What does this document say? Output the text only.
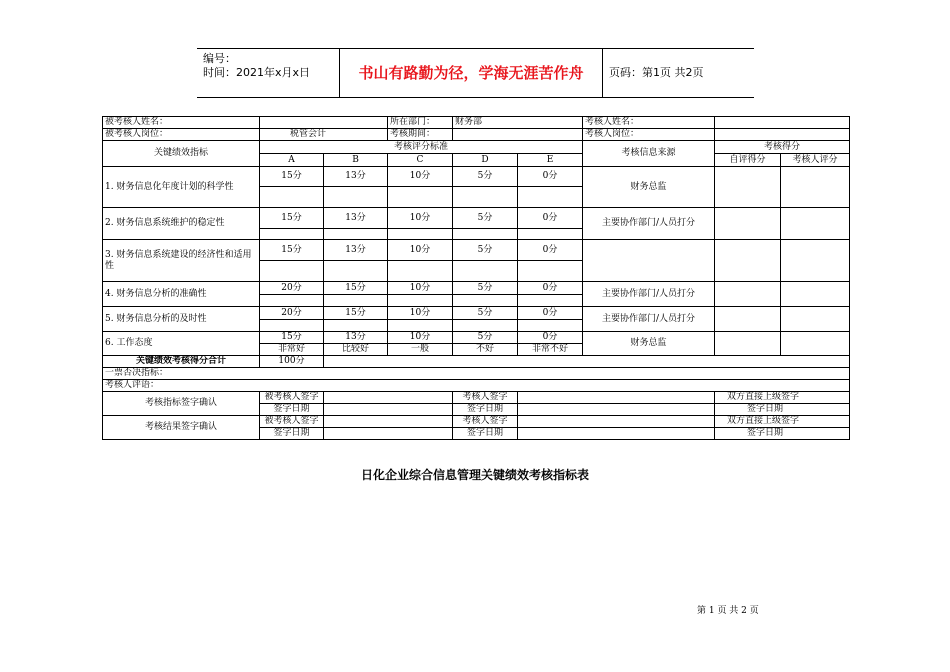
编号：
时间：2021年x月x日	书山有路勤为径，学海无涯苦作舟	页码：第1页 共2页
被考核人姓名：			所在部门：	财务部		考核人姓名：		
被考核人岗位：	税管会计		考核期间：			考核人岗位：		
关键绩效指标	考核评分标准					考核信息来源	考核得分	
	A	B	C	D	E		自评得分	考核人评分
1. 财务信息化年度计划的科学性	15分	13分	10分	5分	0分	财务总监		

2. 财务信息系统维护的稳定性	15分	13分	10分	5分	0分	主要协作部门/人员打分		

3. 财务信息系统建设的经济性和适用性	15分	13分	10分	5分	0分			

4. 财务信息分析的准确性	20分	15分	10分	5分	0分	主要协作部门/人员打分		

5. 财务信息分析的及时性	20分	15分	10分	5分	0分	主要协作部门/人员打分		

6. 工作态度	15分	13分	10分	5分	0分	财务总监		
	非常好	比较好	一般	不好	非常不好			
关键绩效考核得分合计	100分							
一票否决指标：								
考核人评语：								
考核指标签字确认	被考核人签字			考核人签字			双方直接上级签字	
	签字日期			签字日期			签字日期	
考核结果签字确认	被考核人签字			考核人签字			双方直接上级签字	
	签字日期			签字日期			签字日期	
日化企业综合信息管理关键绩效考核指标表
第 1 页 共 2 页
